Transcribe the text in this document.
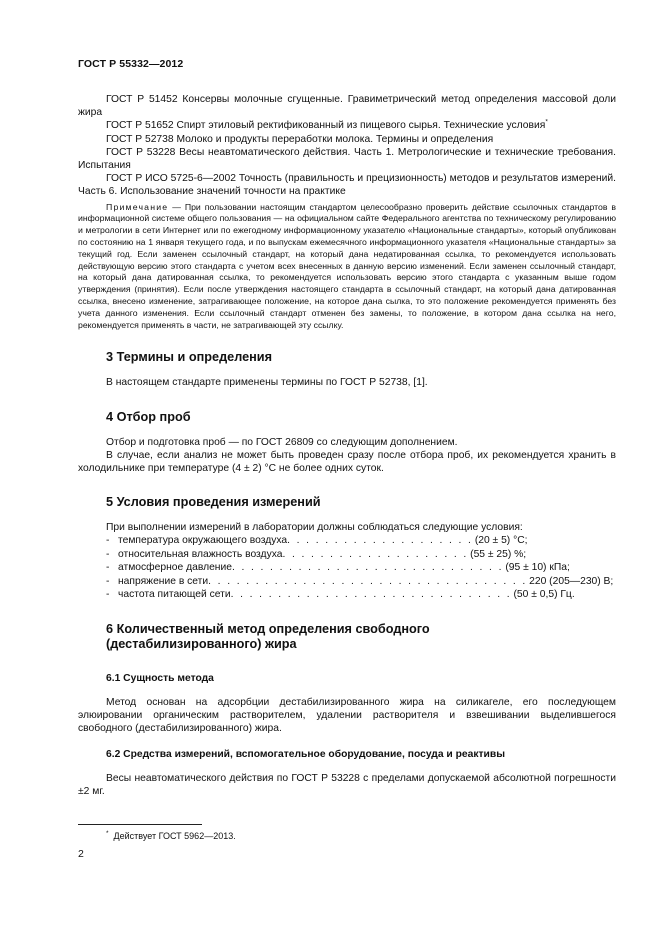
ГОСТ Р 55332—2012

ГОСТ Р 51452 Консервы молочные сгущенные. Гравиметрический метод определения массовой доли жира

ГОСТ Р 51652 Спирт этиловый ректификованный из пищевого сырья. Технические условия*

ГОСТ Р 52738 Молоко и продукты переработки молока. Термины и определения

ГОСТ Р 53228 Весы неавтоматического действия. Часть 1. Метрологические и технические требования. Испытания

ГОСТ Р ИСО 5725-6—2002 Точность (правильность и прецизионность) методов и результатов измерений. Часть 6. Использование значений точности на практике

Примечание — При пользовании настоящим стандартом целесообразно проверить действие ссылочных стандартов в информационной системе общего пользования — на официальном сайте Федерального агентства по техническому регулированию и метрологии в сети Интернет или по ежегодному информационному указателю «Национальные стандарты», который опубликован по состоянию на 1 января текущего года, и по выпускам ежемесячного информационного указателя «Национальные стандарты» за текущий год. Если заменен ссылочный стандарт, на который дана недатированная ссылка, то рекомендуется использовать действующую версию этого стандарта с учетом всех внесенных в данную версию изменений. Если заменен ссылочный стандарт, на который дана датированная ссылка, то рекомендуется использовать версию этого стандарта с указанным выше годом утверждения (принятия). Если после утверждения настоящего стандарта в ссылочный стандарт, на который дана датированная ссылка, внесено изменение, затрагивающее положение, на которое дана сылка, то это положение рекомендуется применять без учета данного изменения. Если ссылочный стандарт отменен без замены, то положение, в котором дана ссылка на него, рекомендуется применять в части, не затрагивающей эту ссылку.

3 Термины и определения

В настоящем стандарте применены термины по ГОСТ Р 52738, [1].

4 Отбор проб

Отбор и подготовка проб — по ГОСТ 26809 со следующим дополнением.

В случае, если анализ не может быть проведен сразу после отбора проб, их рекомендуется хранить в холодильнике при температуре (4 ± 2) °С не более одних суток.

5 Условия проведения измерений

При выполнении измерений в лаборатории должны соблюдаться следующие условия:

- температура окружающего воздуха . . . . . . . . . . . . . . . . . . . . (20 ± 5) °С;
- относительная влажность воздуха . . . . . . . . . . . . . . . . . . . . (55 ± 25) %;
- атмосферное давление . . . . . . . . . . . . . . . . . . . . . . . . . . . . . (95 ± 10) кПа;
- напряжение в сети . . . . . . . . . . . . . . . . . . . . . . . . . . . . . . . . . . 220 (205—230) В;
- частота питающей сети . . . . . . . . . . . . . . . . . . . . . . . . . . . . . . (50 ± 0,5) Гц.
6 Количественный метод определения свободного
(дестабилизированного) жира
6.1 Сущность метода

Метод основан на адсорбции дестабилизированного жира на силикагеле, его последующем элюировании органическим растворителем, удалении растворителя и взвешивании выделившегося свободного (дестабилизированного) жира.

6.2 Средства измерений, вспомогательное оборудование, посуда и реактивы

Весы неавтоматического действия по ГОСТ Р 53228 с пределами допускаемой абсолютной погрешности ±2 мг.

* Действует ГОСТ 5962—2013.
2
